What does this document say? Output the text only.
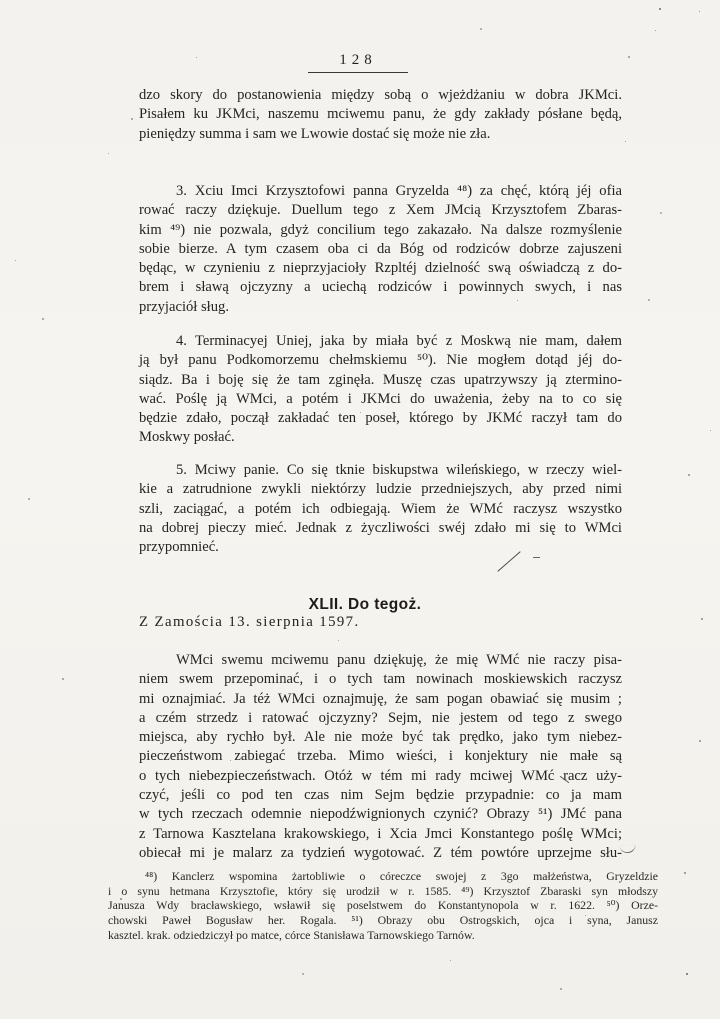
128
dzo skory do postanowienia między sobą o wjeżdżaniu w dobra JKMci.
Pisałem ku JKMci, naszemu mciwemu panu, że gdy zakłady pósłane będą,
pieniędzy summa i sam we Lwowie dostać się może nie zła.
3. Xciu Imci Krzysztofowi panna Gryzelda ⁴⁸) za chęć, którą jéj ofia
rować raczy dziękuje. Duellum tego z Xem JMcią Krzysztofem Zbaras-
kim ⁴⁹) nie pozwala, gdyż concilium tego zakazało. Na dalsze rozmyślenie
sobie bierze. A tym czasem oba ci da Bóg od rodziców dobrze zajuszeni
będąc, w czynieniu z nieprzyjacioły Rzpltéj dzielność swą oświadczą z do-
brem i sławą ojczyzny a uciechą rodziców i powinnych swych, i nas
przyjaciół sług.
4. Terminacyej Uniej, jaka by miała być z Moskwą nie mam, dałem
ją był panu Podkomorzemu chełmskiemu ⁵⁰). Nie mogłem dotąd jéj do-
siądz. Ba i boję się że tam zginęła. Muszę czas upatrzywszy ją ztermino-
wać. Poślę ją WMci, a potém i JKMci do uważenia, żeby na to co się
będzie zdało, począł zakładać ten poseł, którego by JKMć raczył tam do
Moskwy posłać.
5. Mciwy panie. Co się tknie biskupstwa wileńskiego, w rzeczy wiel-
kie a zatrudnione zwykli niektórzy ludzie przedniejszych, aby przed nimi
szli, zaciągać, a potém ich odbiegają. Wiem że WMć raczysz wszystko
na dobrej pieczy mieć. Jednak z życzliwości swéj zdało mi się to WMci
przypomnieć.
XLII. Do tegoż.
Z Zamościa 13. sierpnia 1597.
WMci swemu mciwemu panu dziękuję, że mię WMć nie raczy pisa-
niem swem przepominać, i o tych tam nowinach moskiewskich raczysz
mi oznajmiać. Ja téż WMci oznajmuję, że sam pogan obawiać się musim ;
a czém strzedz i ratować ojczyzny? Sejm, nie jestem od tego z swego
miejsca, aby rychło był. Ale nie może być tak prędko, jako tym niebez-
pieczeństwom zabiegać trzeba. Mimo wieści, i konjektury nie małe są
o tych niebezpieczeństwach. Otóż w tém mi rady mciwej WMć racz uży-
czyć, jeśli co pod ten czas nim Sejm będzie przypadnie: co ja mam
w tych rzeczach odemnie niepodźwignionych czynić? Obrazy ⁵¹) JMć pana
z Tarnowa Kasztelana krakowskiego, i Xcia Jmci Konstantego poślę WMci;
obiecał mi je malarz za tydzień wygotować. Z tém powtóre uprzejme słu-
⁴⁸) Kanclerz wspomina żartobliwie o córeczce swojej z 3go małżeństwa, Gryzeldzie
i o synu hetmana Krzysztofie, który się urodził w r. 1585. ⁴⁹) Krzysztof Zbaraski syn młodszy
Janusza Wdy bracławskiego, wsławił się poselstwem do Konstantynopola w r. 1622. ⁵⁰) Orze-
chowski Paweł Bogusław her. Rogala. ⁵¹) Obrazy obu Ostrogskich, ojca i syna, Janusz
kasztel. krak. odziedziczył po matce, córce Stanisława Tarnowskiego Tarnów.
